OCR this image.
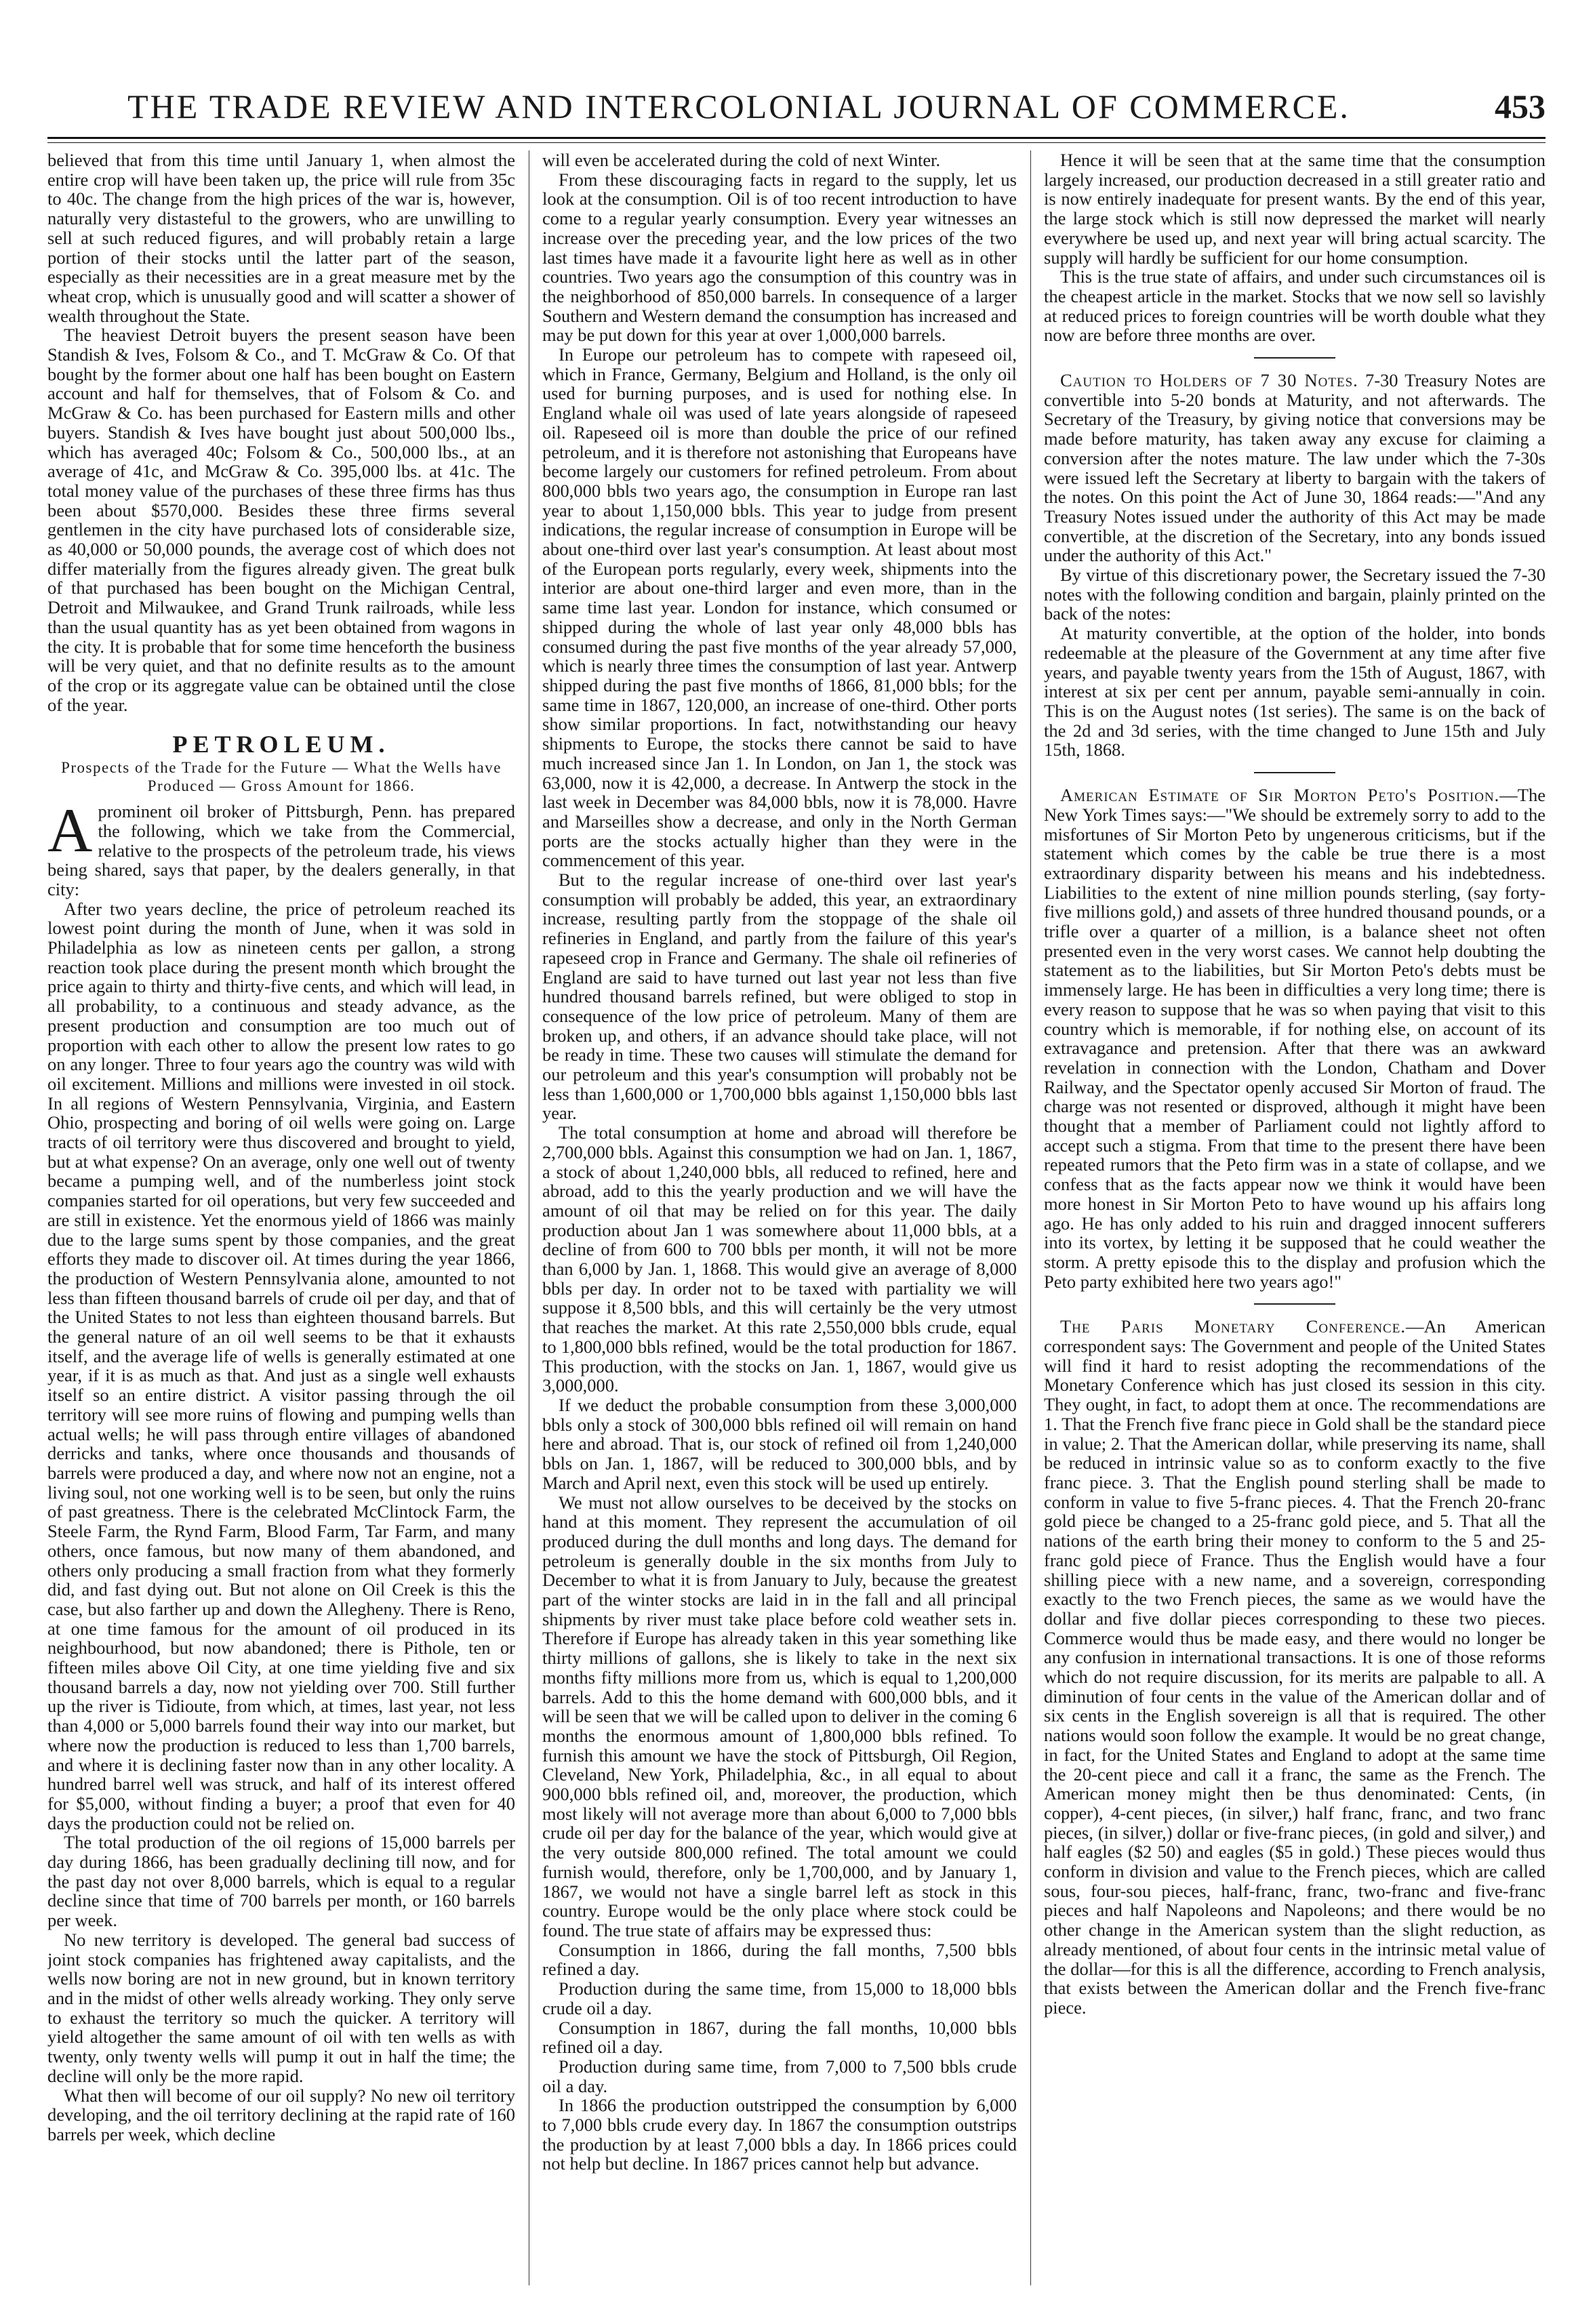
THE TRADE REVIEW AND INTERCOLONIAL JOURNAL OF COMMERCE.	453

believed that from this time until January 1, when almost the entire crop will have been taken up, the price will rule from 35c to 40c. The change from the high prices of the war is, however, naturally very distasteful to the growers, who are unwilling to sell at such reduced figures, and will probably retain a large portion of their stocks until the latter part of the season, especially as their necessities are in a great measure met by the wheat crop, which is unusually good and will scatter a shower of wealth throughout the State.

The heaviest Detroit buyers the present season have been Standish & Ives, Folsom & Co., and T. McGraw & Co. Of that bought by the former about one half has been bought on Eastern account and half for themselves, that of Folsom & Co. and McGraw & Co. has been purchased for Eastern mills and other buyers. Standish & Ives have bought just about 500,000 lbs., which has averaged 40c; Folsom & Co., 500,000 lbs., at an average of 41c, and McGraw & Co. 395,000 lbs. at 41c. The total money value of the purchases of these three firms has thus been about $570,000. Besides these three firms several gentlemen in the city have purchased lots of considerable size, as 40,000 or 50,000 pounds, the average cost of which does not differ materially from the figures already given. The great bulk of that purchased has been bought on the Michigan Central, Detroit and Milwaukee, and Grand Trunk railroads, while less than the usual quantity has as yet been obtained from wagons in the city. It is probable that for some time henceforth the business will be very quiet, and that no definite results as to the amount of the crop or its aggregate value can be obtained until the close of the year.

PETROLEUM.
Prospects of the Trade for the Future — What the Wells have Produced — Gross Amount for 1866.

Aprominent oil broker of Pittsburgh, Penn. has prepared the following, which we take from the Commercial, relative to the prospects of the petroleum trade, his views being shared, says that paper, by the dealers generally, in that city:

After two years decline, the price of petroleum reached its lowest point during the month of June, when it was sold in Philadelphia as low as nineteen cents per gallon, a strong reaction took place during the present month which brought the price again to thirty and thirty-five cents, and which will lead, in all probability, to a continuous and steady advance, as the present production and consumption are too much out of proportion with each other to allow the present low rates to go on any longer. Three to four years ago the country was wild with oil excitement. Millions and millions were invested in oil stock. In all regions of Western Pennsylvania, Virginia, and Eastern Ohio, prospecting and boring of oil wells were going on. Large tracts of oil territory were thus discovered and brought to yield, but at what expense? On an average, only one well out of twenty became a pumping well, and of the numberless joint stock companies started for oil operations, but very few succeeded and are still in existence. Yet the enormous yield of 1866 was mainly due to the large sums spent by those companies, and the great efforts they made to discover oil. At times during the year 1866, the production of Western Pennsylvania alone, amounted to not less than fifteen thousand barrels of crude oil per day, and that of the United States to not less than eighteen thousand barrels. But the general nature of an oil well seems to be that it exhausts itself, and the average life of wells is generally estimated at one year, if it is as much as that. And just as a single well exhausts itself so an entire district. A visitor passing through the oil territory will see more ruins of flowing and pumping wells than actual wells; he will pass through entire villages of abandoned derricks and tanks, where once thousands and thousands of barrels were produced a day, and where now not an engine, not a living soul, not one working well is to be seen, but only the ruins of past greatness. There is the celebrated McClintock Farm, the Steele Farm, the Rynd Farm, Blood Farm, Tar Farm, and many others, once famous, but now many of them abandoned, and others only producing a small fraction from what they formerly did, and fast dying out. But not alone on Oil Creek is this the case, but also farther up and down the Allegheny. There is Reno, at one time famous for the amount of oil produced in its neighbourhood, but now abandoned; there is Pithole, ten or fifteen miles above Oil City, at one time yielding five and six thousand barrels a day, now not yielding over 700. Still further up the river is Tidioute, from which, at times, last year, not less than 4,000 or 5,000 barrels found their way into our market, but where now the production is reduced to less than 1,700 barrels, and where it is declining faster now than in any other locality. A hundred barrel well was struck, and half of its interest offered for $5,000, without finding a buyer; a proof that even for 40 days the production could not be relied on.

The total production of the oil regions of 15,000 barrels per day during 1866, has been gradually declining till now, and for the past day not over 8,000 barrels, which is equal to a regular decline since that time of 700 barrels per month, or 160 barrels per week.

No new territory is developed. The general bad success of joint stock companies has frightened away capitalists, and the wells now boring are not in new ground, but in known territory and in the midst of other wells already working. They only serve to exhaust the territory so much the quicker. A territory will yield altogether the same amount of oil with ten wells as with twenty, only twenty wells will pump it out in half the time; the decline will only be the more rapid.

What then will become of our oil supply? No new oil territory developing, and the oil territory declining at the rapid rate of 160 barrels per week, which decline

will even be accelerated during the cold of next Winter.

From these discouraging facts in regard to the supply, let us look at the consumption. Oil is of too recent introduction to have come to a regular yearly consumption. Every year witnesses an increase over the preceding year, and the low prices of the two last times have made it a favourite light here as well as in other countries. Two years ago the consumption of this country was in the neighborhood of 850,000 barrels. In consequence of a larger Southern and Western demand the consumption has increased and may be put down for this year at over 1,000,000 barrels.

In Europe our petroleum has to compete with rapeseed oil, which in France, Germany, Belgium and Holland, is the only oil used for burning purposes, and is used for nothing else. In England whale oil was used of late years alongside of rapeseed oil. Rapeseed oil is more than double the price of our refined petroleum, and it is therefore not astonishing that Europeans have become largely our customers for refined petroleum. From about 800,000 bbls two years ago, the consumption in Europe ran last year to about 1,150,000 bbls. This year to judge from present indications, the regular increase of consumption in Europe will be about one-third over last year's consumption. At least about most of the European ports regularly, every week, shipments into the interior are about one-third larger and even more, than in the same time last year. London for instance, which consumed or shipped during the whole of last year only 48,000 bbls has consumed during the past five months of the year already 57,000, which is nearly three times the consumption of last year. Antwerp shipped during the past five months of 1866, 81,000 bbls; for the same time in 1867, 120,000, an increase of one-third. Other ports show similar proportions. In fact, notwithstanding our heavy shipments to Europe, the stocks there cannot be said to have much increased since Jan 1. In London, on Jan 1, the stock was 63,000, now it is 42,000, a decrease. In Antwerp the stock in the last week in December was 84,000 bbls, now it is 78,000. Havre and Marseilles show a decrease, and only in the North German ports are the stocks actually higher than they were in the commencement of this year.

But to the regular increase of one-third over last year's consumption will probably be added, this year, an extraordinary increase, resulting partly from the stoppage of the shale oil refineries in England, and partly from the failure of this year's rapeseed crop in France and Germany. The shale oil refineries of England are said to have turned out last year not less than five hundred thousand barrels refined, but were obliged to stop in consequence of the low price of petroleum. Many of them are broken up, and others, if an advance should take place, will not be ready in time. These two causes will stimulate the demand for our petroleum and this year's consumption will probably not be less than 1,600,000 or 1,700,000 bbls against 1,150,000 bbls last year.

The total consumption at home and abroad will therefore be 2,700,000 bbls. Against this consumption we had on Jan. 1, 1867, a stock of about 1,240,000 bbls, all reduced to refined, here and abroad, add to this the yearly production and we will have the amount of oil that may be relied on for this year. The daily production about Jan 1 was somewhere about 11,000 bbls, at a decline of from 600 to 700 bbls per month, it will not be more than 6,000 by Jan. 1, 1868. This would give an average of 8,000 bbls per day. In order not to be taxed with partiality we will suppose it 8,500 bbls, and this will certainly be the very utmost that reaches the market. At this rate 2,550,000 bbls crude, equal to 1,800,000 bbls refined, would be the total production for 1867. This production, with the stocks on Jan. 1, 1867, would give us 3,000,000.

If we deduct the probable consumption from these 3,000,000 bbls only a stock of 300,000 bbls refined oil will remain on hand here and abroad. That is, our stock of refined oil from 1,240,000 bbls on Jan. 1, 1867, will be reduced to 300,000 bbls, and by March and April next, even this stock will be used up entirely.

We must not allow ourselves to be deceived by the stocks on hand at this moment. They represent the accumulation of oil produced during the dull months and long days. The demand for petroleum is generally double in the six months from July to December to what it is from January to July, because the greatest part of the winter stocks are laid in in the fall and all principal shipments by river must take place before cold weather sets in. Therefore if Europe has already taken in this year something like thirty millions of gallons, she is likely to take in the next six months fifty millions more from us, which is equal to 1,200,000 barrels. Add to this the home demand with 600,000 bbls, and it will be seen that we will be called upon to deliver in the coming 6 months the enormous amount of 1,800,000 bbls refined. To furnish this amount we have the stock of Pittsburgh, Oil Region, Cleveland, New York, Philadelphia, &c., in all equal to about 900,000 bbls refined oil, and, moreover, the production, which most likely will not average more than about 6,000 to 7,000 bbls crude oil per day for the balance of the year, which would give at the very outside 800,000 refined. The total amount we could furnish would, therefore, only be 1,700,000, and by January 1, 1867, we would not have a single barrel left as stock in this country. Europe would be the only place where stock could be found. The true state of affairs may be expressed thus:

Consumption in 1866, during the fall months, 7,500 bbls refined a day.

Production during the same time, from 15,000 to 18,000 bbls crude oil a day.

Consumption in 1867, during the fall months, 10,000 bbls refined oil a day.

Production during same time, from 7,000 to 7,500 bbls crude oil a day.

In 1866 the production outstripped the consumption by 6,000 to 7,000 bbls crude every day. In 1867 the consumption outstrips the production by at least 7,000 bbls a day. In 1866 prices could not help but decline. In 1867 prices cannot help but advance.

Hence it will be seen that at the same time that the consumption largely increased, our production decreased in a still greater ratio and is now entirely inadequate for present wants. By the end of this year, the large stock which is still now depressed the market will nearly everywhere be used up, and next year will bring actual scarcity. The supply will hardly be sufficient for our home consumption.

This is the true state of affairs, and under such circumstances oil is the cheapest article in the market. Stocks that we now sell so lavishly at reduced prices to foreign countries will be worth double what they now are before three months are over.

Caution to Holders of 7 30 Notes. 7-30 Treasury Notes are convertible into 5-20 bonds at Maturity, and not afterwards. The Secretary of the Treasury, by giving notice that conversions may be made before maturity, has taken away any excuse for claiming a conversion after the notes mature. The law under which the 7-30s were issued left the Secretary at liberty to bargain with the takers of the notes. On this point the Act of June 30, 1864 reads:—"And any Treasury Notes issued under the authority of this Act may be made convertible, at the discretion of the Secretary, into any bonds issued under the authority of this Act."

By virtue of this discretionary power, the Secretary issued the 7-30 notes with the following condition and bargain, plainly printed on the back of the notes:

At maturity convertible, at the option of the holder, into bonds redeemable at the pleasure of the Government at any time after five years, and payable twenty years from the 15th of August, 1867, with interest at six per cent per annum, payable semi-annually in coin. This is on the August notes (1st series). The same is on the back of the 2d and 3d series, with the time changed to June 15th and July 15th, 1868.

American Estimate of Sir Morton Peto's Position.—The New York Times says:—"We should be extremely sorry to add to the misfortunes of Sir Morton Peto by ungenerous criticisms, but if the statement which comes by the cable be true there is a most extraordinary disparity between his means and his indebtedness. Liabilities to the extent of nine million pounds sterling, (say forty-five millions gold,) and assets of three hundred thousand pounds, or a trifle over a quarter of a million, is a balance sheet not often presented even in the very worst cases. We cannot help doubting the statement as to the liabilities, but Sir Morton Peto's debts must be immensely large. He has been in difficulties a very long time; there is every reason to suppose that he was so when paying that visit to this country which is memorable, if for nothing else, on account of its extravagance and pretension. After that there was an awkward revelation in connection with the London, Chatham and Dover Railway, and the Spectator openly accused Sir Morton of fraud. The charge was not resented or disproved, although it might have been thought that a member of Parliament could not lightly afford to accept such a stigma. From that time to the present there have been repeated rumors that the Peto firm was in a state of collapse, and we confess that as the facts appear now we think it would have been more honest in Sir Morton Peto to have wound up his affairs long ago. He has only added to his ruin and dragged innocent sufferers into its vortex, by letting it be supposed that he could weather the storm. A pretty episode this to the display and profusion which the Peto party exhibited here two years ago!"

The Paris Monetary Conference.—An American correspondent says: The Government and people of the United States will find it hard to resist adopting the recommendations of the Monetary Conference which has just closed its session in this city. They ought, in fact, to adopt them at once. The recommendations are 1. That the French five franc piece in Gold shall be the standard piece in value; 2. That the American dollar, while preserving its name, shall be reduced in intrinsic value so as to conform exactly to the five franc piece. 3. That the English pound sterling shall be made to conform in value to five 5-franc pieces. 4. That the French 20-franc gold piece be changed to a 25-franc gold piece, and 5. That all the nations of the earth bring their money to conform to the 5 and 25-franc gold piece of France. Thus the English would have a four shilling piece with a new name, and a sovereign, corresponding exactly to the two French pieces, the same as we would have the dollar and five dollar pieces corresponding to these two pieces. Commerce would thus be made easy, and there would no longer be any confusion in international transactions. It is one of those reforms which do not require discussion, for its merits are palpable to all. A diminution of four cents in the value of the American dollar and of six cents in the English sovereign is all that is required. The other nations would soon follow the example. It would be no great change, in fact, for the United States and England to adopt at the same time the 20-cent piece and call it a franc, the same as the French. The American money might then be thus denominated: Cents, (in copper), 4-cent pieces, (in silver,) half franc, franc, and two franc pieces, (in silver,) dollar or five-franc pieces, (in gold and silver,) and half eagles ($2 50) and eagles ($5 in gold.) These pieces would thus conform in division and value to the French pieces, which are called sous, four-sou pieces, half-franc, franc, two-franc and five-franc pieces and half Napoleons and Napoleons; and there would be no other change in the American system than the slight reduction, as already mentioned, of about four cents in the intrinsic metal value of the dollar—for this is all the difference, according to French analysis, that exists between the American dollar and the French five-franc piece.
